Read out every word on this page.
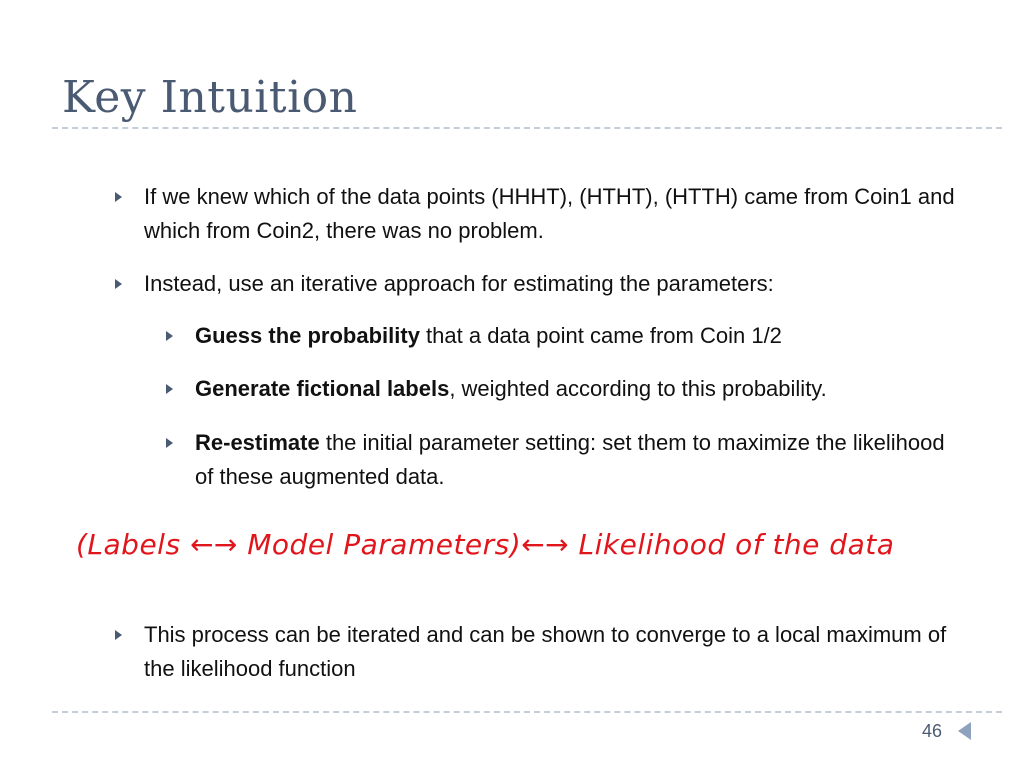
Key Intuition
If we knew which of the data points (HHHT), (HTHT), (HTTH) came from Coin1 and which from Coin2, there was no problem.
Instead, use an iterative approach for estimating the parameters:
Guess the probability that a data point came from Coin 1/2
Generate fictional labels, weighted according to this probability.
Re-estimate the initial parameter setting: set them to maximize the likelihood of these augmented data.
(Labels ←→ Model Parameters)←→ Likelihood of the data
This process can be iterated and can be shown to converge to a local maximum of the likelihood function
46
